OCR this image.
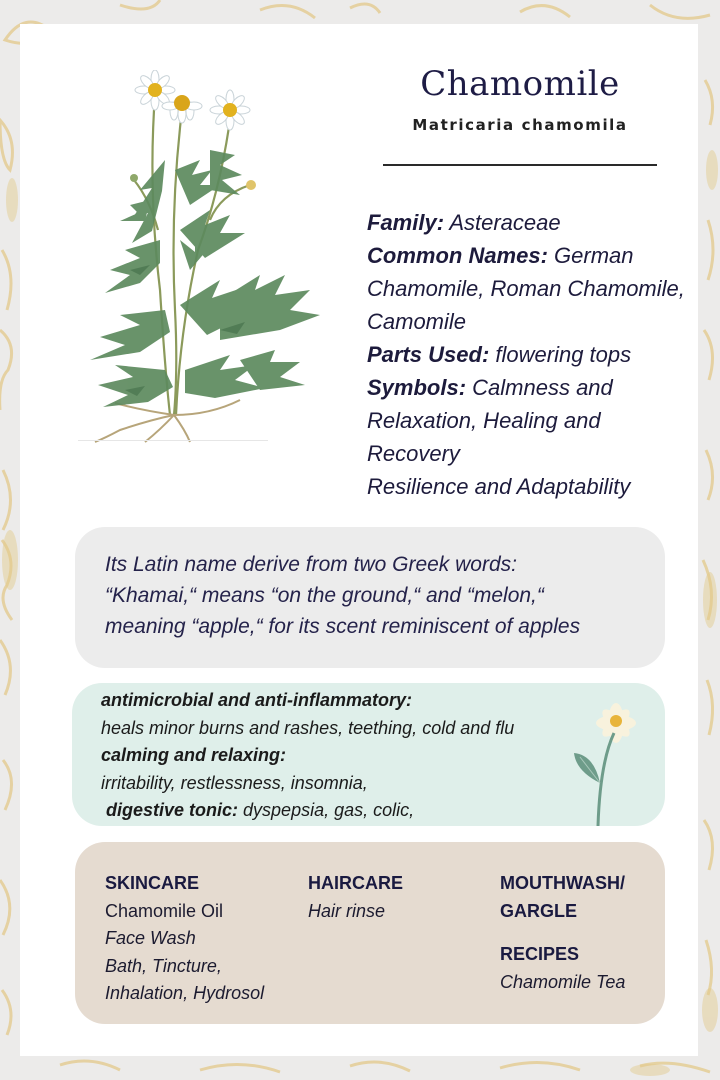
Chamomile
Matricaria chamomila
Family: Asteraceae
Common Names: German Chamomile, Roman Chamomile, Camomile
Parts Used: flowering tops
Symbols: Calmness and Relaxation, Healing and Recovery
Resilience and Adaptability
Its Latin name derive from two Greek words:
“Khamai,“ means “on the ground,“ and “melon,“
meaning “apple,“ for its scent reminiscent of apples
antimicrobial and anti-inflammatory:
heals minor burns and rashes, teething, cold and flu
calming and relaxing:
irritability, restlessness, insomnia,
digestive tonic: dyspepsia, gas, colic,
SKINCARE
Chamomile Oil
Face Wash
Bath, Tincture,
Inhalation, Hydrosol
HAIRCARE
Hair rinse
MOUTHWASH/
GARGLE
RECIPES
Chamomile Tea
